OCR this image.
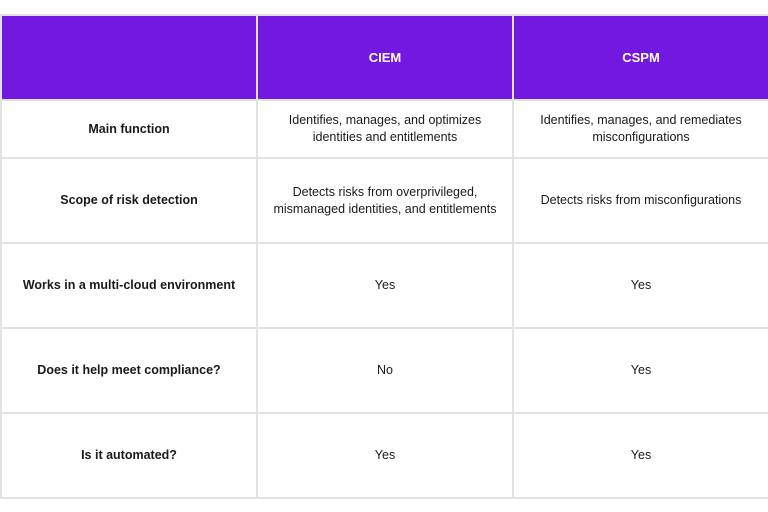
	CIEM	CSPM
Main function	Identifies, manages, and optimizes identities and entitlements	Identifies, manages, and remediates misconfigurations
Scope of risk detection	Detects risks from overprivileged, mismanaged identities, and entitlements	Detects risks from misconfigurations
Works in a multi-cloud environment	Yes	Yes
Does it help meet compliance?	No	Yes
Is it automated?	Yes	Yes
